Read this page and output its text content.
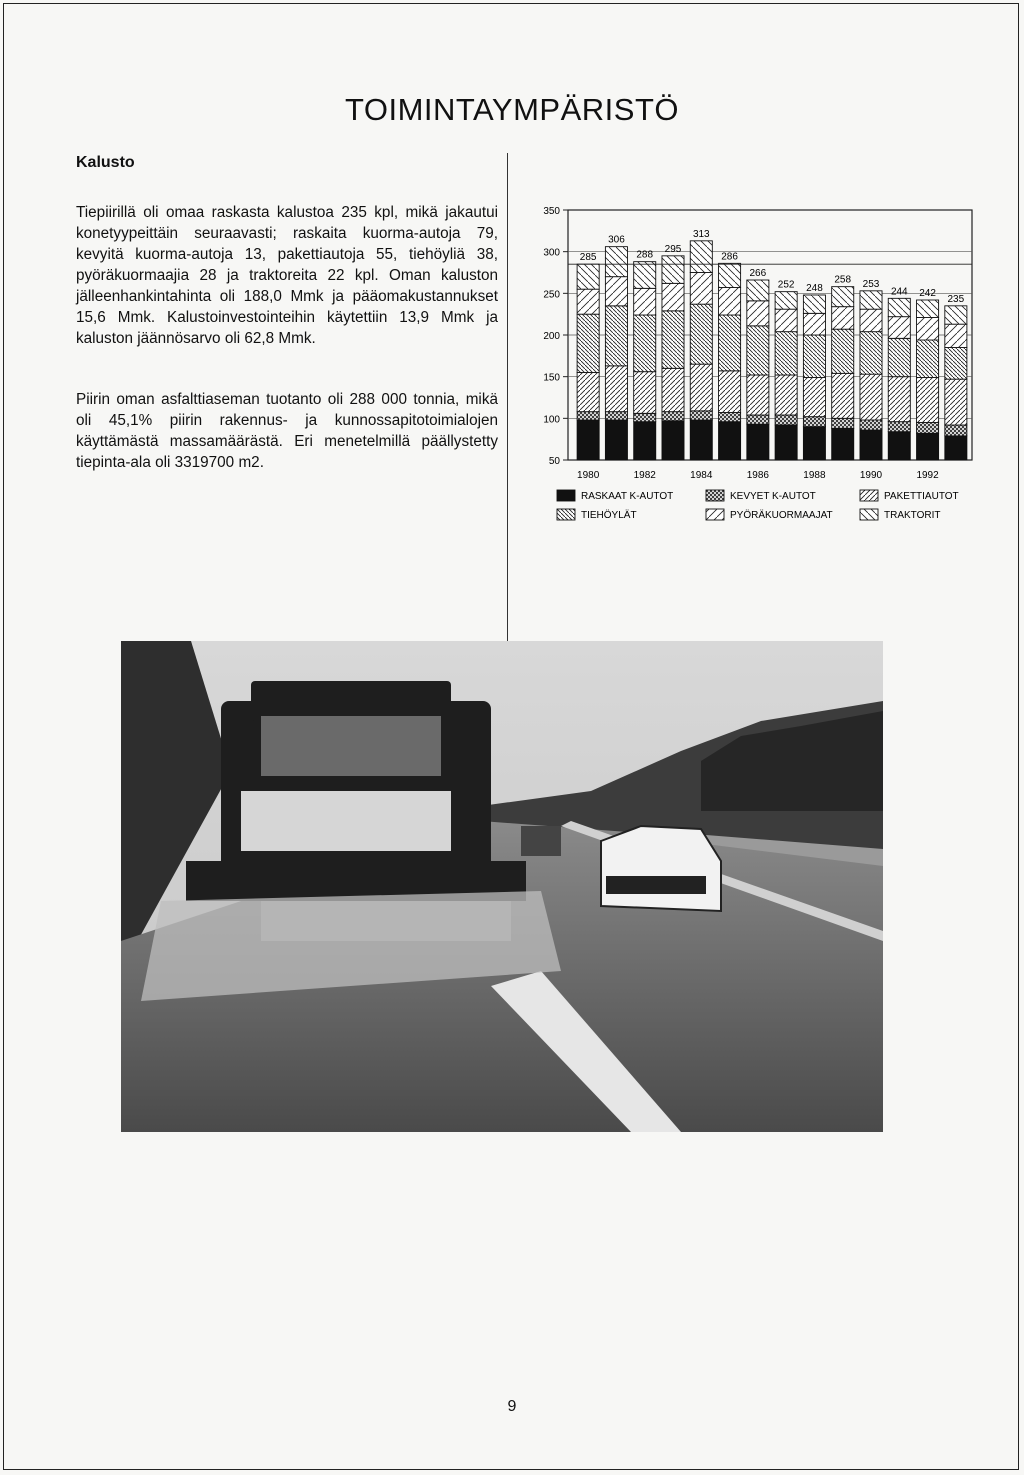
TOIMINTAYMPÄRISTÖ
Kalusto

Tiepiirillä oli omaa raskasta kalustoa 235 kpl, mikä jakautui konetyypeittäin seuraavasti; raskaita kuorma-autoja 79, kevyitä kuorma-autoja 13, pakettiautoja 55, tiehöyliä 38, pyöräkuormaajia 28 ja traktoreita 22 kpl. Oman kaluston jälleenhankintahinta oli 188,0 Mmk ja pääomakustannukset 15,6 Mmk. Kalustoinvestointeihin käytettiin 13,9 Mmk ja kaluston jäännösarvo oli 62,8 Mmk.

Piirin oman asfalttiaseman tuotanto oli 288 000 tonnia, mikä oli 45,1% piirin rakennus- ja kunnossapitotoimialojen käyttämästä massamäärästä. Eri menetelmillä päällystetty tiepinta-ala oli 3319700 m2.	50
100
150
200
250
300
350
285
306
288
295
313
286
266
252 248
258 253
244 242
235
1980	1982	1984	1986	1988	1990	1992
RASKAAT K-AUTOT	KEVYET K-AUTOT	PAKETTIAUTOT
TIEHÖYLÄT	PYÖRÄKUORMAAJAT	TRAKTORIT
9
